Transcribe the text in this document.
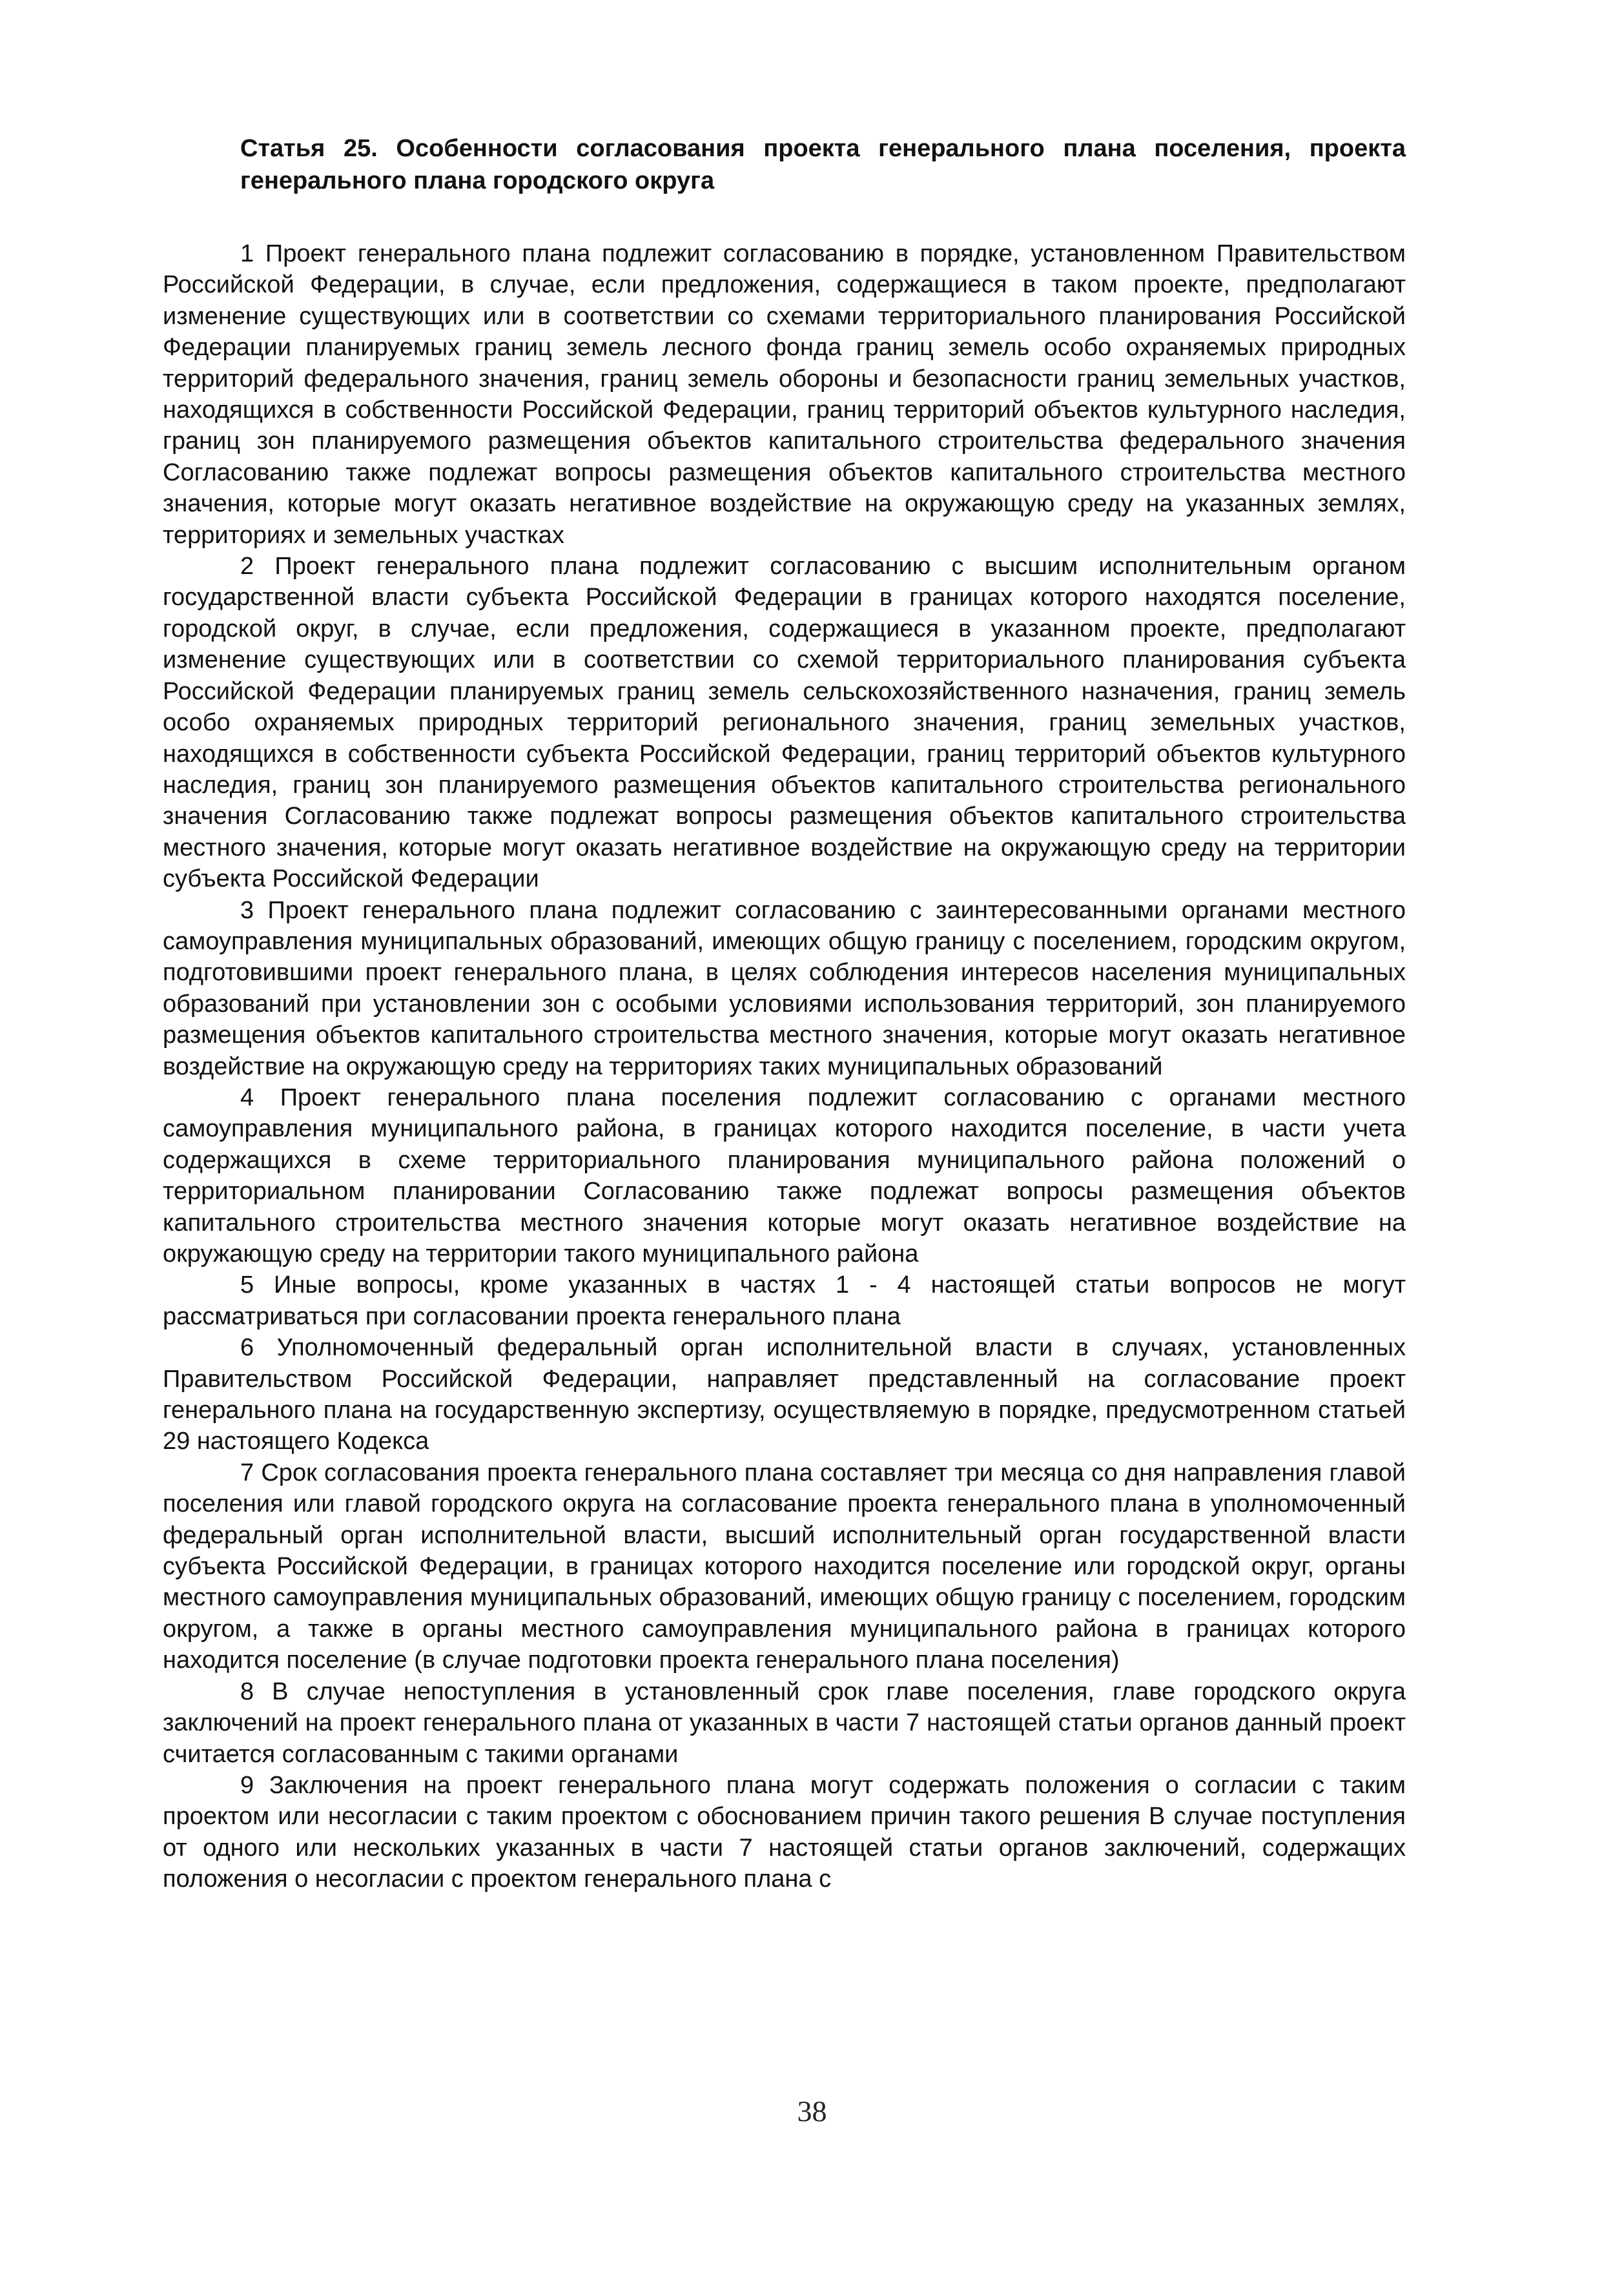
Статья 25. Особенности согласования проекта генерального плана поселения, проекта генерального плана городского округа

1 Проект генерального плана подлежит согласованию в порядке, установленном Правительством Российской Федерации, в случае, если предложения, содержащиеся в таком проекте, предполагают изменение существующих или в соответствии со схемами территориального планирования Российской Федерации планируемых границ земель лесного фонда границ земель особо охраняемых природных территорий федерального значения, границ земель обороны и безопасности границ земельных участков, находящихся в собственности Российской Федерации, границ территорий объектов культурного наследия, границ зон планируемого размещения объектов капитального строительства федерального значения Согласованию также подлежат вопросы размещения объектов капитального строительства местного значения, которые могут оказать негативное воздействие на окружающую среду на указанных землях, территориях и земельных участках

2 Проект генерального плана подлежит согласованию с высшим исполнительным органом государственной власти субъекта Российской Федерации в границах которого находятся поселение, городской округ, в случае, если предложения, содержащиеся в указанном проекте, предполагают изменение существующих или в соответствии со схемой территориального планирования субъекта Российской Федерации планируемых границ земель сельскохозяйственного назначения, границ земель особо охраняемых природных территорий регионального значения, границ земельных участков, находящихся в собственности субъекта Российской Федерации, границ территорий объектов культурного наследия, границ зон планируемого размещения объектов капитального строительства регионального значения Согласованию также подлежат вопросы размещения объектов капитального строительства местного значения, которые могут оказать негативное воздействие на окружающую среду на территории субъекта Российской Федерации

3 Проект генерального плана подлежит согласованию с заинтересованными органами местного самоуправления муниципальных образований, имеющих общую границу с поселением, городским округом, подготовившими проект генерального плана, в целях соблюдения интересов населения муниципальных образований при установлении зон с особыми условиями использования территорий, зон планируемого размещения объектов капитального строительства местного значения, которые могут оказать негативное воздействие на окружающую среду на территориях таких муниципальных образований

4 Проект генерального плана поселения подлежит согласованию с органами местного самоуправления муниципального района, в границах которого находится поселение, в части учета содержащихся в схеме территориального планирования муниципального района положений о территориальном планировании Согласованию также подлежат вопросы размещения объектов капитального строительства местного значения которые могут оказать негативное воздействие на окружающую среду на территории такого муниципального района

5 Иные вопросы, кроме указанных в частях 1 - 4 настоящей статьи вопросов не могут рассматриваться при согласовании проекта генерального плана

6 Уполномоченный федеральный орган исполнительной власти в случаях, установленных Правительством Российской Федерации, направляет представленный на согласование проект генерального плана на государственную экспертизу, осуществляемую в порядке, предусмотренном статьей 29 настоящего Кодекса

7 Срок согласования проекта генерального плана составляет три месяца со дня направления главой поселения или главой городского округа на согласование проекта генерального плана в уполномоченный федеральный орган исполнительной власти, высший исполнительный орган государственной власти субъекта Российской Федерации, в границах которого находится поселение или городской округ, органы местного самоуправления муниципальных образований, имеющих общую границу с поселением, городским округом, а также в органы местного самоуправления муниципального района в границах которого находится поселение (в случае подготовки проекта генерального плана поселения)

8 В случае непоступления в установленный срок главе поселения, главе городского округа заключений на проект генерального плана от указанных в части 7 настоящей статьи органов данный проект считается согласованным с такими органами

9 Заключения на проект генерального плана могут содержать положения о согласии с таким проектом или несогласии с таким проектом с обоснованием причин такого решения В случае поступления от одного или нескольких указанных в части 7 настоящей статьи органов заключений, содержащих положения о несогласии с проектом генерального плана с

38
